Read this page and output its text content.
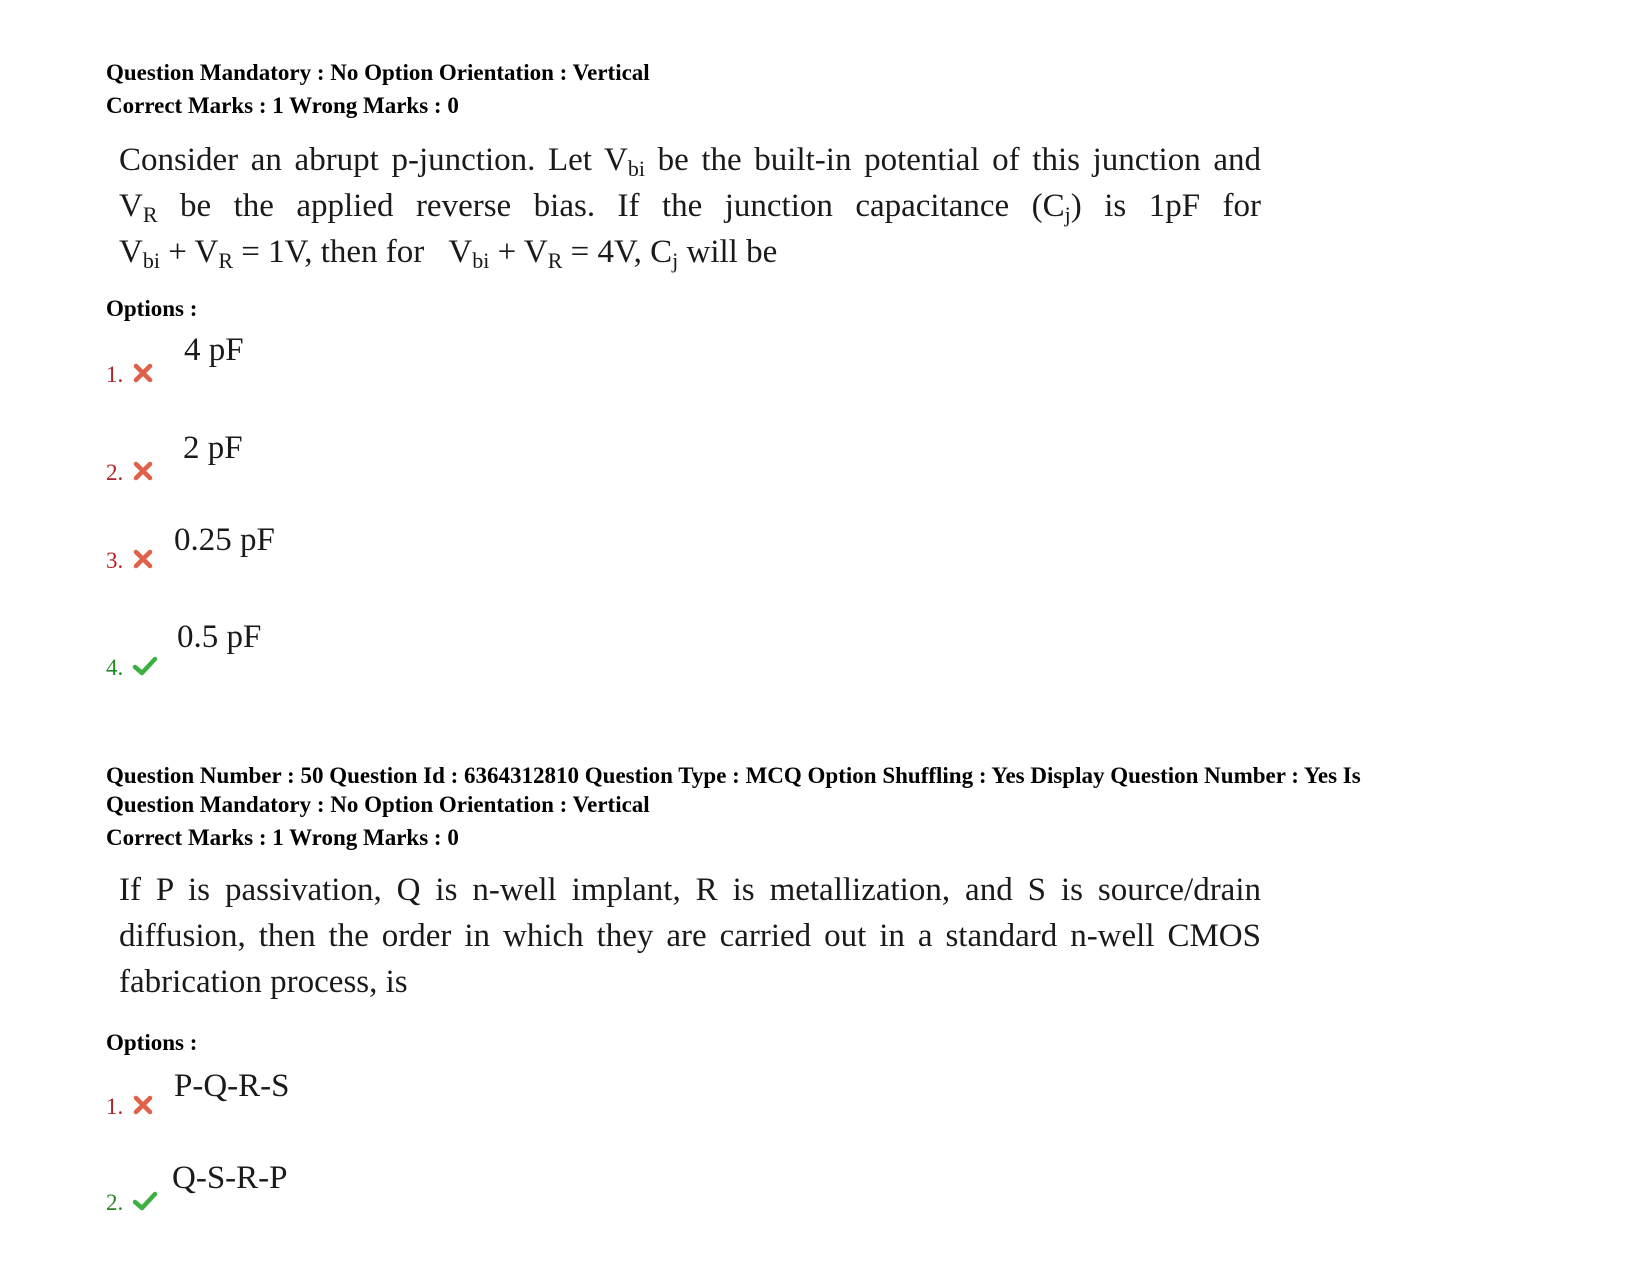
Question Mandatory : No Option Orientation : Vertical
Correct Marks : 1 Wrong Marks : 0
Consider an abrupt p-junction. Let $V_{bi}$ be the built-in potential of this junction and
$V_R$ be the applied reverse bias. If the junction capacitance $(C_j)$ is 1pF for
$V_{bi} + V_R = 1V$, then for   $V_{bi} + V_R = 4V$, $C_j$ will be
Options :
1.
4 pF
2.
2 pF
3.
0.25 pF
4.
0.5 pF
Question Number : 50 Question Id : 6364312810 Question Type : MCQ Option Shuffling : Yes Display Question Number : Yes Is
Question Mandatory : No Option Orientation : Vertical
Correct Marks : 1 Wrong Marks : 0
If P is passivation, Q is n-well implant, R is metallization, and S is source/drain
diffusion, then the order in which they are carried out in a standard n-well CMOS
fabrication process, is
Options :
1.
P-Q-R-S
2.
Q-S-R-P
